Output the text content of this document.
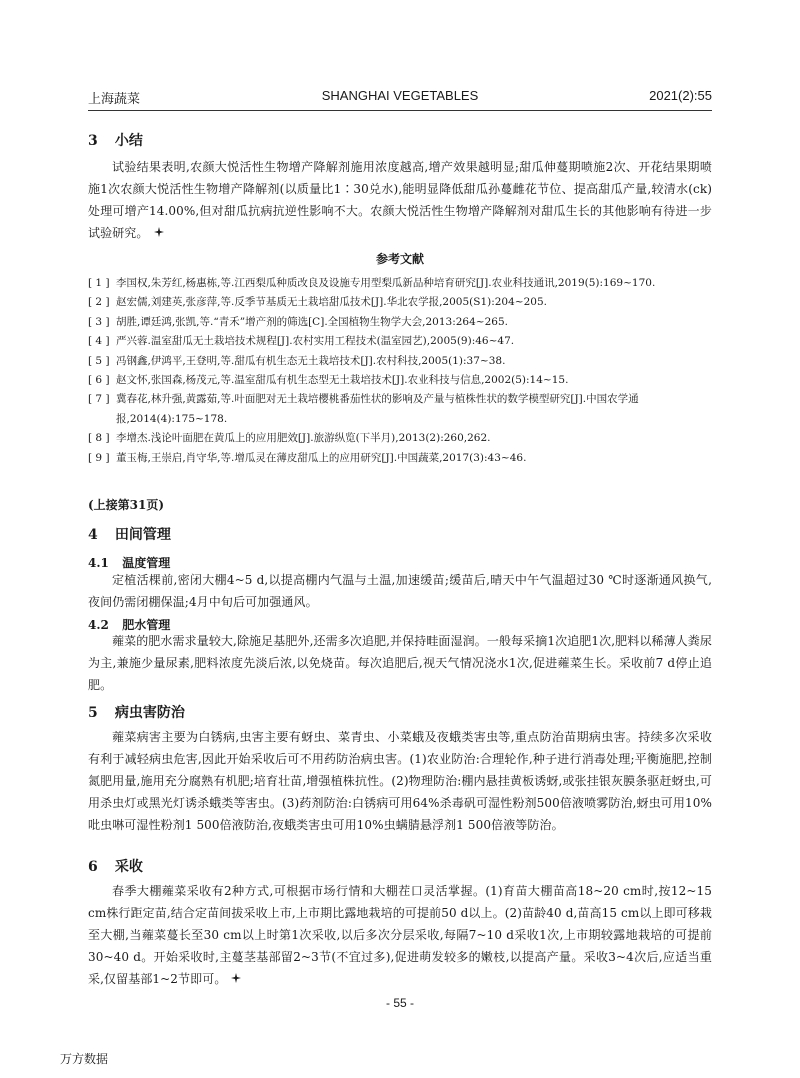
上海蔬菜	SHANGHAI VEGETABLES	2021(2):55
3 小结
试验结果表明,农颜大悦活性生物增产降解剂施用浓度越高,增产效果越明显;甜瓜伸蔓期喷施2次、开花结果期喷施1次农颜大悦活性生物增产降解剂(以质量比1∶30兑水),能明显降低甜瓜孙蔓雌花节位、提高甜瓜产量,较清水(ck)处理可增产14.00%,但对甜瓜抗病抗逆性影响不大。农颜大悦活性生物增产降解剂对甜瓜生长的其他影响有待进一步试验研究。
参考文献
[ 1 ] 李国权,朱芳红,杨惠栋,等.江西梨瓜种质改良及设施专用型梨瓜新品种培育研究[J].农业科技通讯,2019(5):169~170.
[ 2 ] 赵宏儒,刘建英,张彦萍,等.反季节基质无土栽培甜瓜技术[J].华北农学报,2005(S1):204~205.
[ 3 ] 胡胜,谭廷鸿,张凯,等.“青禾”增产剂的筛选[C].全国植物生物学大会,2013:264~265.
[ 4 ] 严兴蓉.温室甜瓜无土栽培技术规程[J].农村实用工程技术(温室园艺),2005(9):46~47.
[ 5 ] 冯钢鑫,伊鸿平,王登明,等.甜瓜有机生态无土栽培技术[J].农村科技,2005(1):37~38.
[ 6 ] 赵文怀,张国森,杨茂元,等.温室甜瓜有机生态型无土栽培技术[J].农业科技与信息,2002(5):14~15.
[ 7 ] 冀春花,林升强,黄露茹,等.叶面肥对无土栽培樱桃番茄性状的影响及产量与植株性状的数学模型研究[J].中国农学通报,2014(4):175~178.
[ 8 ] 李增杰.浅论叶面肥在黄瓜上的应用肥效[J].旅游纵览(下半月),2013(2):260,262.
[ 9 ] 董玉梅,王崇启,肖守华,等.增瓜灵在薄皮甜瓜上的应用研究[J].中国蔬菜,2017(3):43~46.
(上接第31页)
4 田间管理
4.1 温度管理
定植活棵前,密闭大棚4~5 d,以提高棚内气温与土温,加速缓苗;缓苗后,晴天中午气温超过30 ℃时逐渐通风换气,夜间仍需闭棚保温;4月中旬后可加强通风。
4.2 肥水管理
蕹菜的肥水需求量较大,除施足基肥外,还需多次追肥,并保持畦面湿润。一般每采摘1次追肥1次,肥料以稀薄人粪尿为主,兼施少量尿素,肥料浓度先淡后浓,以免烧苗。每次追肥后,视天气情况浇水1次,促进蕹菜生长。采收前7 d停止追肥。
5 病虫害防治
蕹菜病害主要为白锈病,虫害主要有蚜虫、菜青虫、小菜蛾及夜蛾类害虫等,重点防治苗期病虫害。持续多次采收有利于减轻病虫危害,因此开始采收后可不用药防治病虫害。(1)农业防治:合理轮作,种子进行消毒处理;平衡施肥,控制氮肥用量,施用充分腐熟有机肥;培育壮苗,增强植株抗性。(2)物理防治:棚内悬挂黄板诱蚜,或张挂银灰膜条驱赶蚜虫,可用杀虫灯或黑光灯诱杀蛾类等害虫。(3)药剂防治:白锈病可用64%杀毒矾可湿性粉剂500倍液喷雾防治,蚜虫可用10%吡虫啉可湿性粉剂1 500倍液防治,夜蛾类害虫可用10%虫螨腈悬浮剂1 500倍液等防治。
6 采收
春季大棚蕹菜采收有2种方式,可根据市场行情和大棚茬口灵活掌握。(1)育苗大棚苗高18~20 cm时,按12~15 cm株行距定苗,结合定苗间拔采收上市,上市期比露地栽培的可提前50 d以上。(2)苗龄40 d,苗高15 cm以上即可移栽至大棚,当蕹菜蔓长至30 cm以上时第1次采收,以后多次分层采收,每隔7~10 d采收1次,上市期较露地栽培的可提前30~40 d。开始采收时,主蔓茎基部留2~3节(不宜过多),促进萌发较多的嫩枝,以提高产量。采收3~4次后,应适当重采,仅留基部1~2节即可。
- 55 -
万方数据
